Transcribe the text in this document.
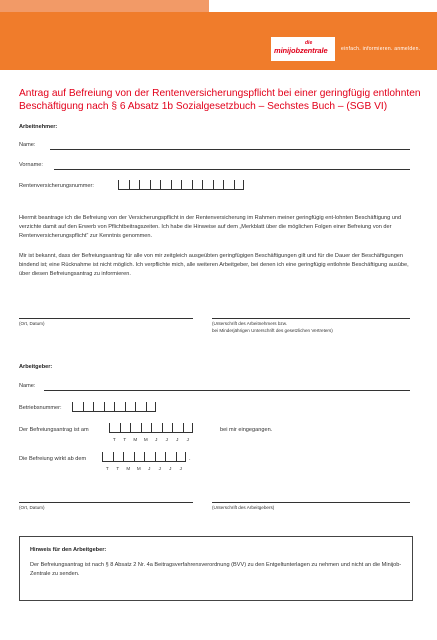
die
minijobzentrale	einfach. informieren. anmelden.
Antrag auf Befreiung von der Rentenversicherungspflicht bei einer geringfügig entlohnten Beschäftigung nach § 6 Absatz 1b Sozialgesetzbuch – Sechstes Buch – (SGB VI)
Arbeitnehmer:
Name:
Vorname:
Rentenversicherungsnummer:
Hiermit beantrage ich die Befreiung von der Versicherungspflicht in der Rentenversicherung im Rahmen meiner geringfügig ent-lohnten Beschäftigung und verzichte damit auf den Erwerb von Pflichtbeitragszeiten. Ich habe die Hinweise auf dem „Merkblatt über die möglichen Folgen einer Befreiung von der Rentenversicherungspflicht“ zur Kenntnis genommen.
Mir ist bekannt, dass der Befreiungsantrag für alle von mir zeitgleich ausgeübten geringfügigen Beschäftigungen gilt und für die Dauer der Beschäftigungen bindend ist; eine Rücknahme ist nicht möglich. Ich verpflichte mich, alle weiteren Arbeitgeber, bei denen ich eine geringfügig entlohnte Beschäftigung ausübe, über diesen Befreiungsantrag zu informieren.
(Ort, Datum)	(Unterschrift des Arbeitnehmers bzw.
bei Minderjährigen Unterschrift des gesetzlichen Vertreters)
Arbeitgeber:
Name:
Betriebsnummer:
Der Befreiungsantrag ist am	bei mir eingegangen.
T	T	M	M	J	J	J	J
Die Befreiung wirkt ab dem	.
T	T	M	M	J	J	J	J
(Ort, Datum)	(Unterschrift des Arbeitgebers)
Hinweis für den Arbeitgeber:
Der Befreiungsantrag ist nach § 8 Absatz 2 Nr. 4a Beitragsverfahrensverordnung (BVV) zu den Entgeltunterlagen zu nehmen und nicht an die Minijob-Zentrale zu senden.
